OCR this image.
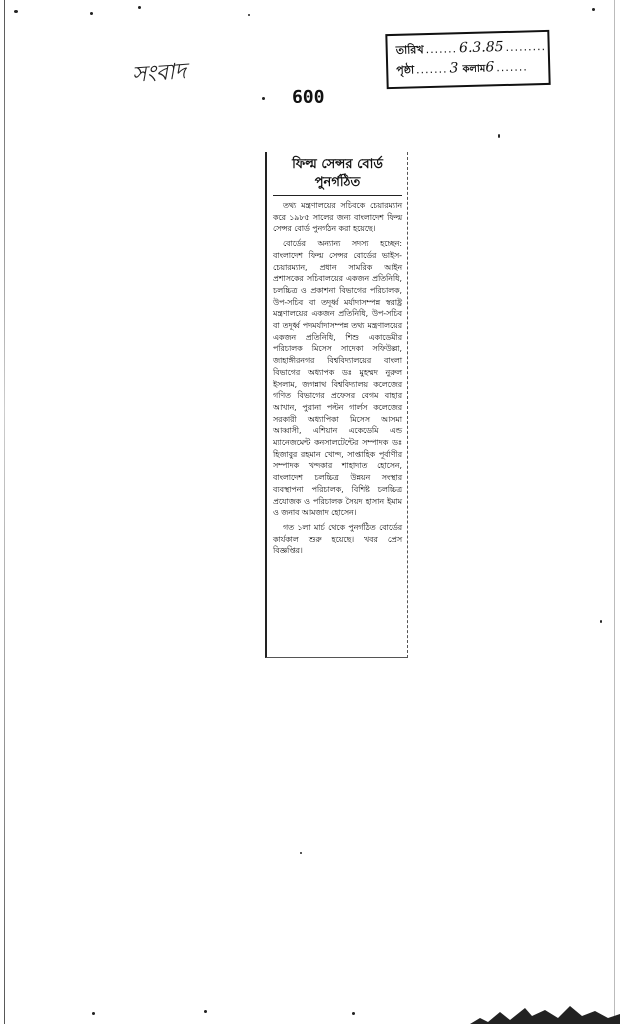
সংবাদ
009
তারিখ ....... 6.3.85 .........
পৃষ্ঠা ....... 3 কলাম 6 .......
ফিল্ম সেন্সর বোর্ড
পুনর্গঠিত

তথ্য মন্ত্রণালয়ের সচিবকে চেয়ারম্যান করে ১৯৮৫ সালের জন্য বাংলাদেশ ফিল্ম সেন্সর বোর্ড পুনর্গঠন করা হয়েছে।

বোর্ডের অন্যান্য সদস্য হচ্ছেন: বাংলাদেশ ফিল্ম সেন্সর বোর্ডের ভাইস-চেয়ারম্যান, প্রধান সামরিক আইন প্রশাসকের সচিবালয়ের একজন প্রতিনিধি, চলচ্চিত্র ও প্রকাশনা বিভাগের পরিচালক, উপ-সচিব বা তদূর্ধ্ব মর্যাদাসম্পন্ন স্বরাষ্ট্র মন্ত্রণালয়ের একজন প্রতিনিধি, উপ-সচিব বা তদূর্ধ্ব পদমর্যাদাসম্পন্ন তথ্য মন্ত্রণালয়ের একজন প্রতিনিধি, শিশু একাডেমীর পরিচালক মিসেস সাদেকা সফিউল্লা, জাহাঙ্গীরনগর বিশ্ববিদ্যালয়ের বাংলা বিভাগের অধ্যাপক ডঃ মুহম্মদ নুরুল ইসলাম, জগন্নাথ বিশ্ববিদ্যালয় কলেজের গণিত বিভাগের প্রফেসর বেগম বাহার আখান, পুরানা পল্টন গার্লস কলেজের সরকারী অধ্যাপিকা মিসেস আসমা আব্বাসী, এশিয়ান একেডেমি এন্ড ম্যানেজমেন্ট কনসালটেন্টের সম্পাদক ডঃ হিজাবুর রহমান খোন্দ, সাপ্তাহিক পূর্বাণীর সম্পাদক খন্দকার শাহাদাত হোসেন, বাংলাদেশ চলচ্চিত্র উন্নয়ন সংস্থার ব্যবস্থাপনা পরিচালক, বিশিষ্ট চলচ্চিত্র প্রযোজক ও পরিচালক সৈয়দ হাসান ইমাম ও জনাব আমজাদ হোসেন।

গত ১লা মার্চ থেকে পুনর্গঠিত বোর্ডের কার্যকাল শুরু হয়েছে। খবর প্রেস বিজ্ঞপ্তির।
